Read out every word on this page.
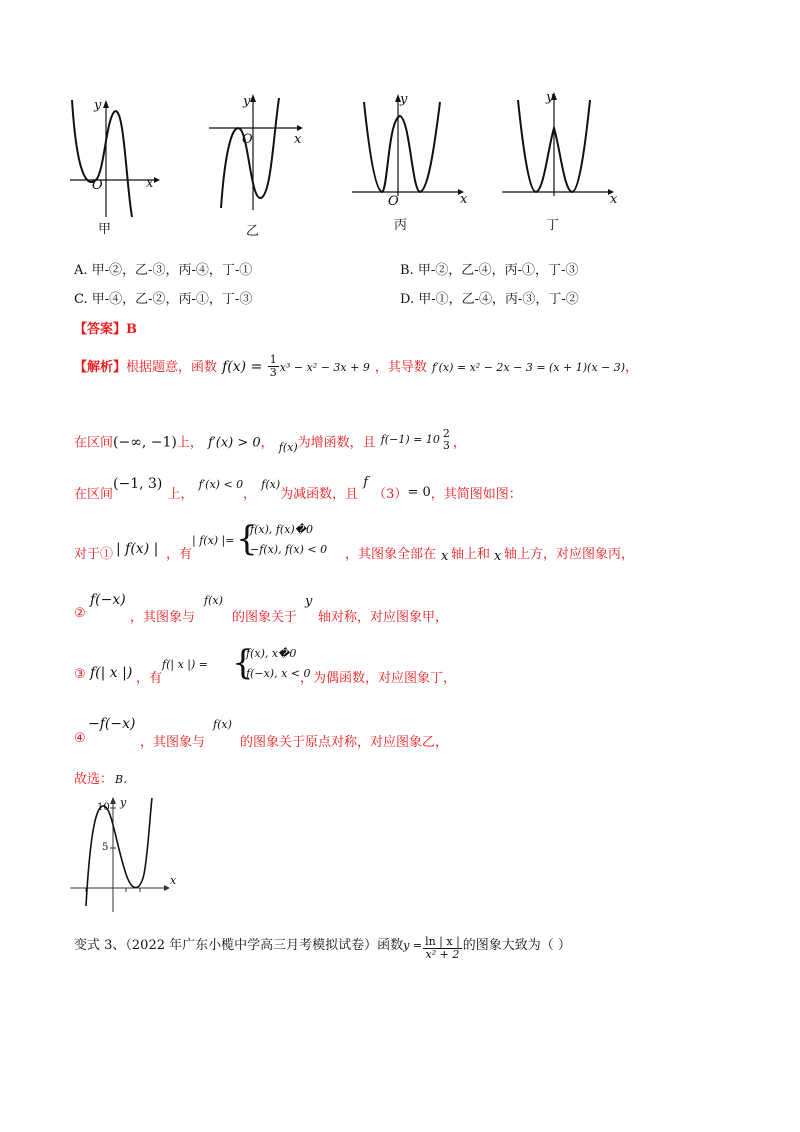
y
O	x
甲
y
O	x
乙
y
O	x
丙
y
x
丁
A. 甲-②，乙-③，丙-④，丁-①	B. 甲-②，乙-④，丙-①，丁-③
C. 甲-④，乙-②，丙-①，丁-③	D. 甲-①，乙-④，丙-③，丁-②
【答案】B
【解析】根据题意，函数 $f(x) = \frac{1}{3} x^3 - x^2 - 3x + 9$ ，其导数 f′(x) = x² − 2x − 3 = (x + 1)(x − 3)，
在区间(−∞, −1)上， f′(x) > 0， $_{f(x)}$为增函数，且 $^{f(-1) = 10}$ 2
3 ，
$_{在区间}$(−1, 3) $_{上,}$ $f'(x) < 0_,$ $f(x)_{为减函数,且}$ f $_{(3)= 0,其简图如图:}$
对于① | f(x) | ，有
| f(x) |= {
f(x), f(x)�0
−f(x), f(x) < 0 ，其图象全部在 x 轴上和 x 轴上方，对应图象丙，
②
f(−x)
，其图象与
f(x)
的图象关于
y
轴对称，对应图象甲，
③ f(| x |) ，有
f(| x |) = {
f(x), x�0
f(−x), x < 0
，为偶函数，对应图象丁，
④
−f(−x)
，其图象与
f(x)
的图象关于原点对称，对应图象乙，
故选： B.
y
x
10
5
变式 3、（2022 年广东小榄中学高三月考模拟试卷）函数$y = \frac{\ln | x |}{\text{x² + 2}}$ 的图象大致为（ ）
